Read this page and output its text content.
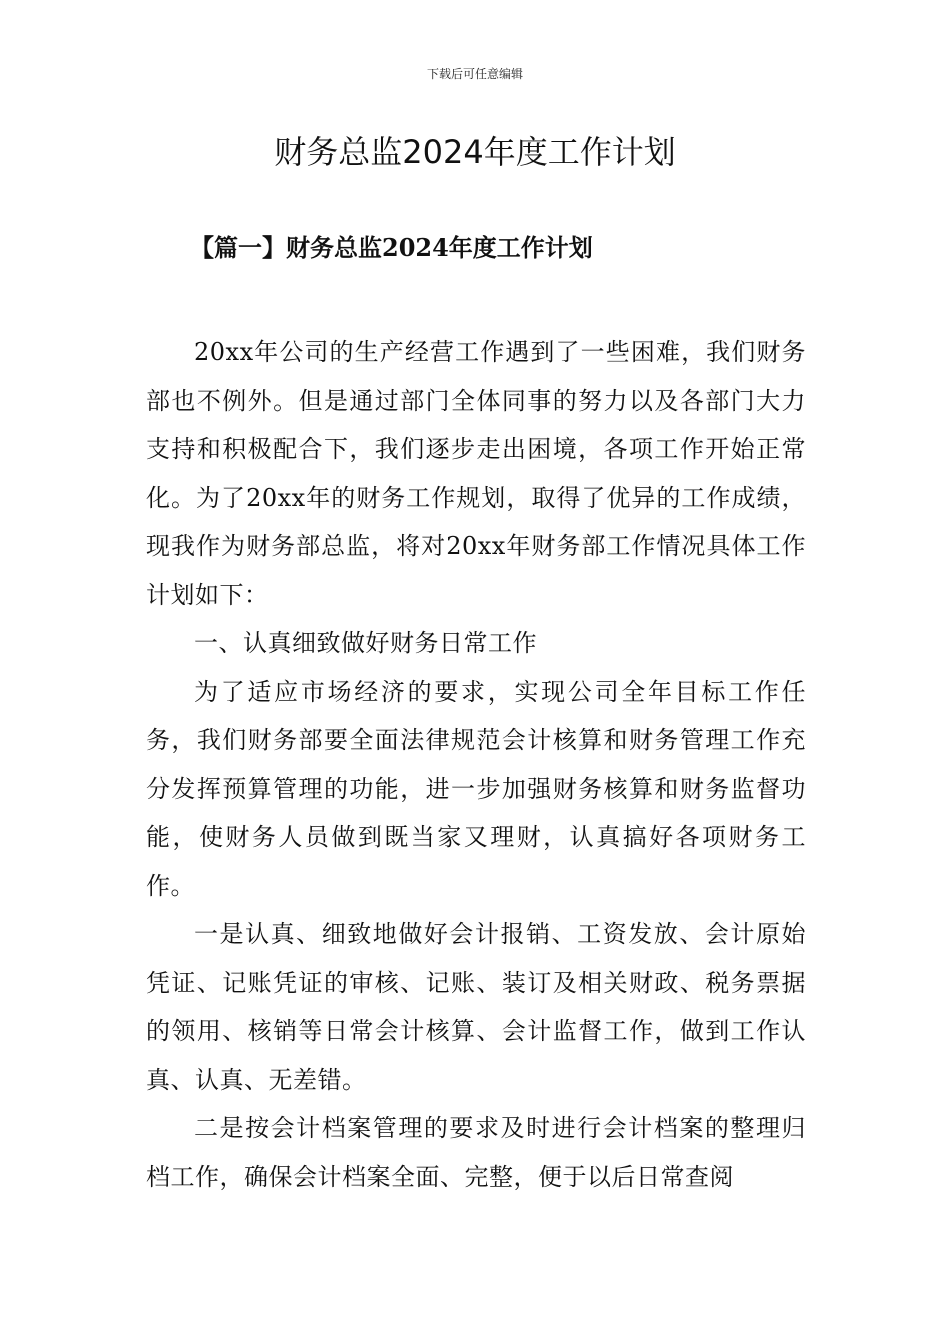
下载后可任意编辑
财务总监2024年度工作计划
【篇一】财务总监2024年度工作计划

20xx年公司的生产经营工作遇到了一些困难，我们财务部也不例外。但是通过部门全体同事的努力以及各部门大力支持和积极配合下，我们逐步走出困境，各项工作开始正常化。为了20xx年的财务工作规划，取得了优异的工作成绩，现我作为财务部总监，将对20xx年财务部工作情况具体工作计划如下：

一、认真细致做好财务日常工作

为了适应市场经济的要求，实现公司全年目标工作任务，我们财务部要全面法律规范会计核算和财务管理工作充分发挥预算管理的功能，进一步加强财务核算和财务监督功能，使财务人员做到既当家又理财，认真搞好各项财务工作。

一是认真、细致地做好会计报销、工资发放、会计原始凭证、记账凭证的审核、记账、装订及相关财政、税务票据的领用、核销等日常会计核算、会计监督工作，做到工作认真、认真、无差错。

二是按会计档案管理的要求及时进行会计档案的整理归档工作，确保会计档案全面、完整，便于以后日常查阅
